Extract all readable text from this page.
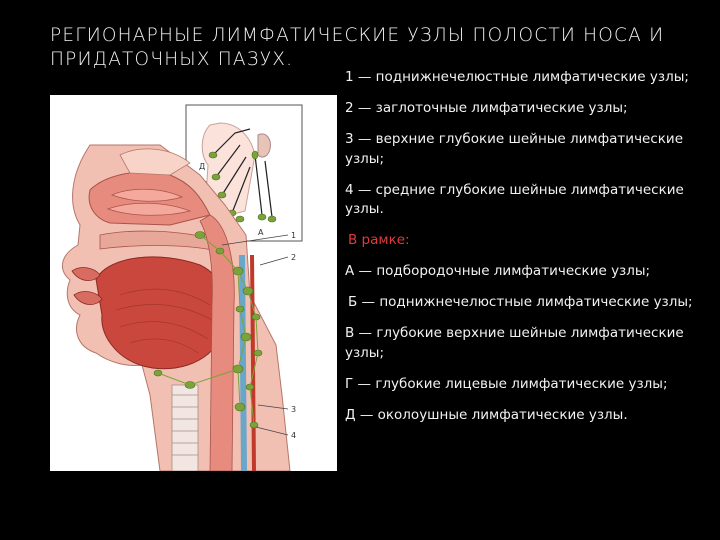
РЕГИОНАРНЫЕ ЛИМФАТИЧЕСКИЕ УЗЛЫ ПОЛОСТИ НОСА И
ПРИДАТОЧНЫХ ПАЗУХ.
Д
А	1
2
3
4

1 — поднижнечелюстные лимфатические узлы;

2 — заглоточные лимфатические узлы;

3 — верхние глубокие шейные лимфатические узлы;

4 — средние глубокие шейные лимфатические узлы.

В рамке:

А — подбородочные лимфатические узлы;

Б — поднижнечелюстные лимфатические узлы;

В — глубокие верхние шейные лимфатические узлы;

Г — глубокие лицевые лимфатические узлы;

Д — околоушные лимфатические узлы.
